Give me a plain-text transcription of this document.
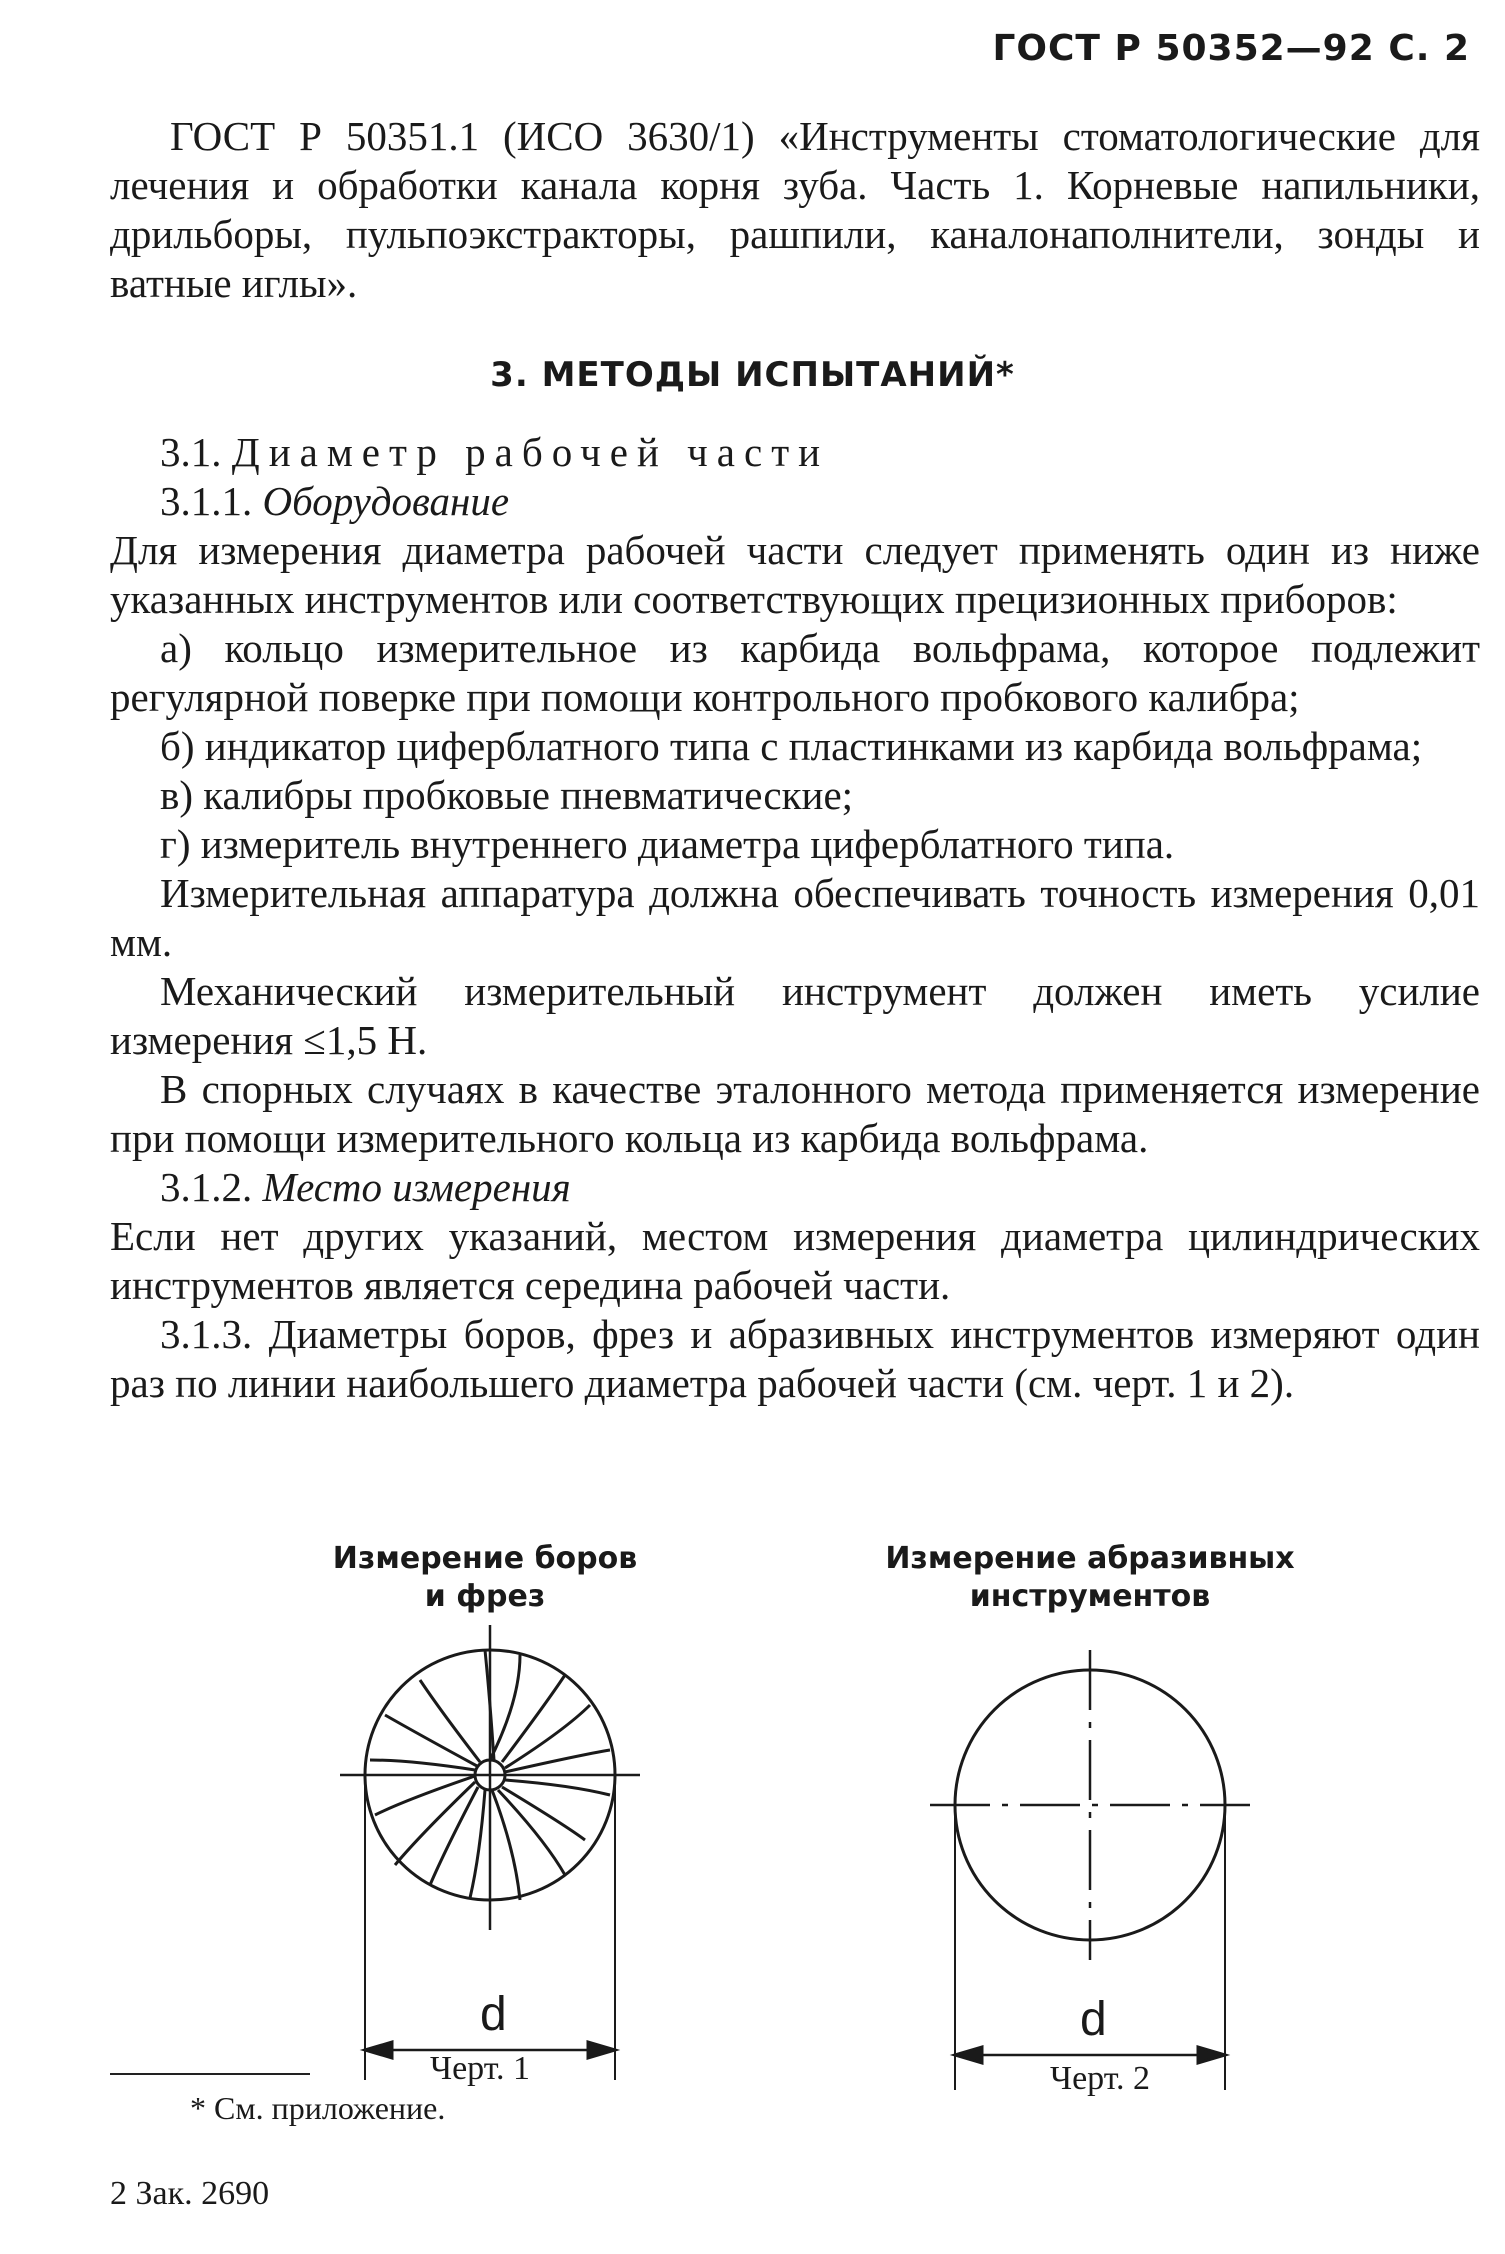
ГОСТ Р 50352—92 С. 2
ГОСТ Р 50351.1 (ИСО 3630/1) «Инструменты стоматологические для лечения и обработки канала корня зуба. Часть 1. Корневые напильники, дрильборы, пульпоэкстракторы, рашпили, каналонаполнители, зонды и ватные иглы».
3. МЕТОДЫ ИСПЫТАНИЙ*

3.1. Диаметр рабочей части

3.1.1. Оборудование

Для измерения диаметра рабочей части следует применять один из ниже указанных инструментов или соответствующих прецизионных приборов:

а) кольцо измерительное из карбида вольфрама, которое подлежит регулярной поверке при помощи контрольного пробкового калибра;

б) индикатор циферблатного типа с пластинками из карбида вольфрама;

в) калибры пробковые пневматические;

г) измеритель внутреннего диаметра циферблатного типа.

Измерительная аппаратура должна обеспечивать точность измерения 0,01 мм.

Механический измерительный инструмент должен иметь усилие измерения ≤1,5 Н.

В спорных случаях в качестве эталонного метода применяется измерение при помощи измерительного кольца из карбида вольфрама.

3.1.2. Место измерения

Если нет других указаний, местом измерения диаметра цилиндрических инструментов является середина рабочей части.

3.1.3. Диаметры боров, фрез и абразивных инструментов измеряют один раз по линии наибольшего диаметра рабочей части (см. черт. 1 и 2).

Измерение боров и фрез
d
Черт. 1
Измерение абразивных инструментов
d
Черт. 2
* См. приложение.
2 Зак. 2690
